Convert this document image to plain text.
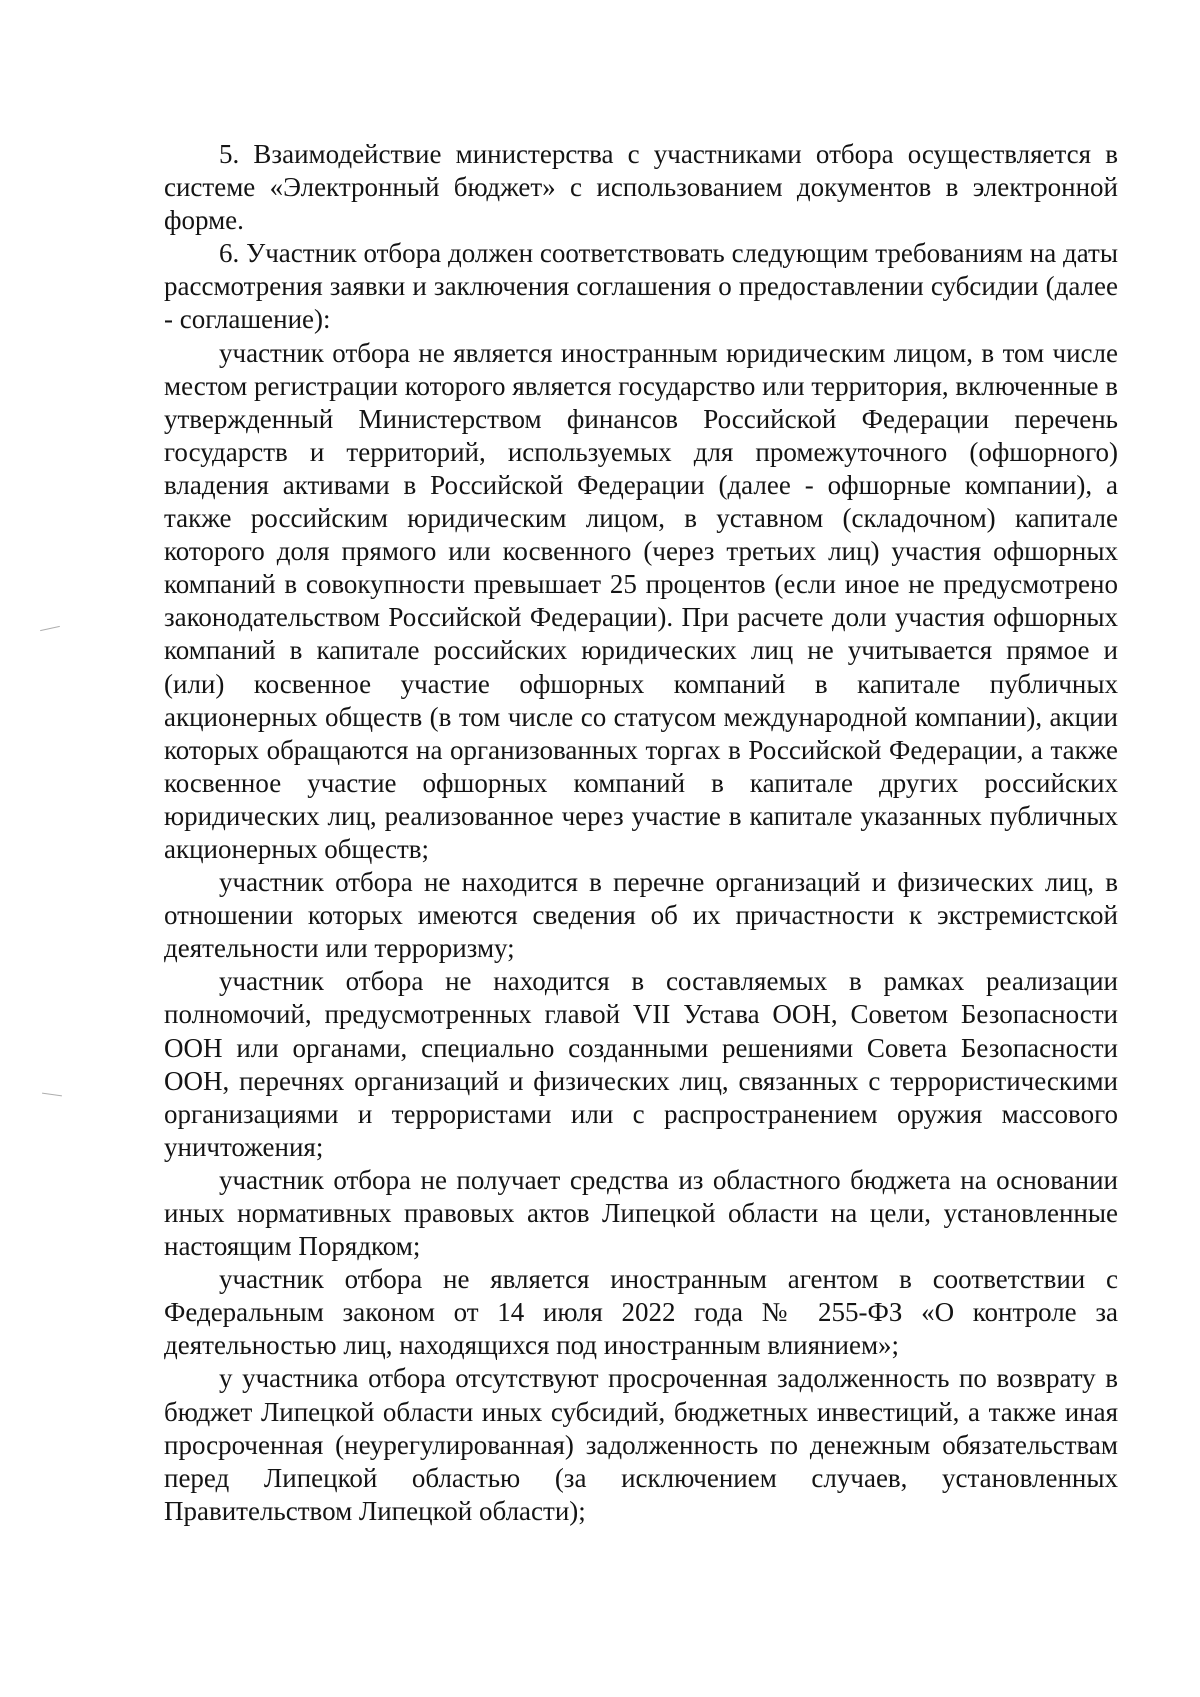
5. Взаимодействие министерства с участниками отбора осуществляется в системе «Электронный бюджет» с использованием документов в электронной форме.

6. Участник отбора должен соответствовать следующим требованиям на даты рассмотрения заявки и заключения соглашения о предоставлении субсидии (далее - соглашение):

участник отбора не является иностранным юридическим лицом, в том числе местом регистрации которого является государство или территория, включенные в утвержденный Министерством финансов Российской Федерации перечень государств и территорий, используемых для промежуточного (офшорного) владения активами в Российской Федерации (далее - офшорные компании), а также российским юридическим лицом, в уставном (складочном) капитале которого доля прямого или косвенного (через третьих лиц) участия офшорных компаний в совокупности превышает 25 процентов (если иное не предусмотрено законодательством Российской Федерации). При расчете доли участия офшорных компаний в капитале российских юридических лиц не учитывается прямое и (или) косвенное участие офшорных компаний в капитале публичных акционерных обществ (в том числе со статусом международной компании), акции которых обращаются на организованных торгах в Российской Федерации, а также косвенное участие офшорных компаний в капитале других российских юридических лиц, реализованное через участие в капитале указанных публичных акционерных обществ;

участник отбора не находится в перечне организаций и физических лиц, в отношении которых имеются сведения об их причастности к экстремистской деятельности или терроризму;

участник отбора не находится в составляемых в рамках реализации полномочий, предусмотренных главой VII Устава ООН, Советом Безопасности ООН или органами, специально созданными решениями Совета Безопасности ООН, перечнях организаций и физических лиц, связанных с террористическими организациями и террористами или с распространением оружия массового уничтожения;

участник отбора не получает средства из областного бюджета на основании иных нормативных правовых актов Липецкой области на цели, установленные настоящим Порядком;

участник отбора не является иностранным агентом в соответствии с Федеральным законом от 14 июля 2022 года № 255-ФЗ «О контроле за деятельностью лиц, находящихся под иностранным влиянием»;

у участника отбора отсутствуют просроченная задолженность по возврату в бюджет Липецкой области иных субсидий, бюджетных инвестиций, а также иная просроченная (неурегулированная) задолженность по денежным обязательствам перед Липецкой областью (за исключением случаев, установленных Правительством Липецкой области);
